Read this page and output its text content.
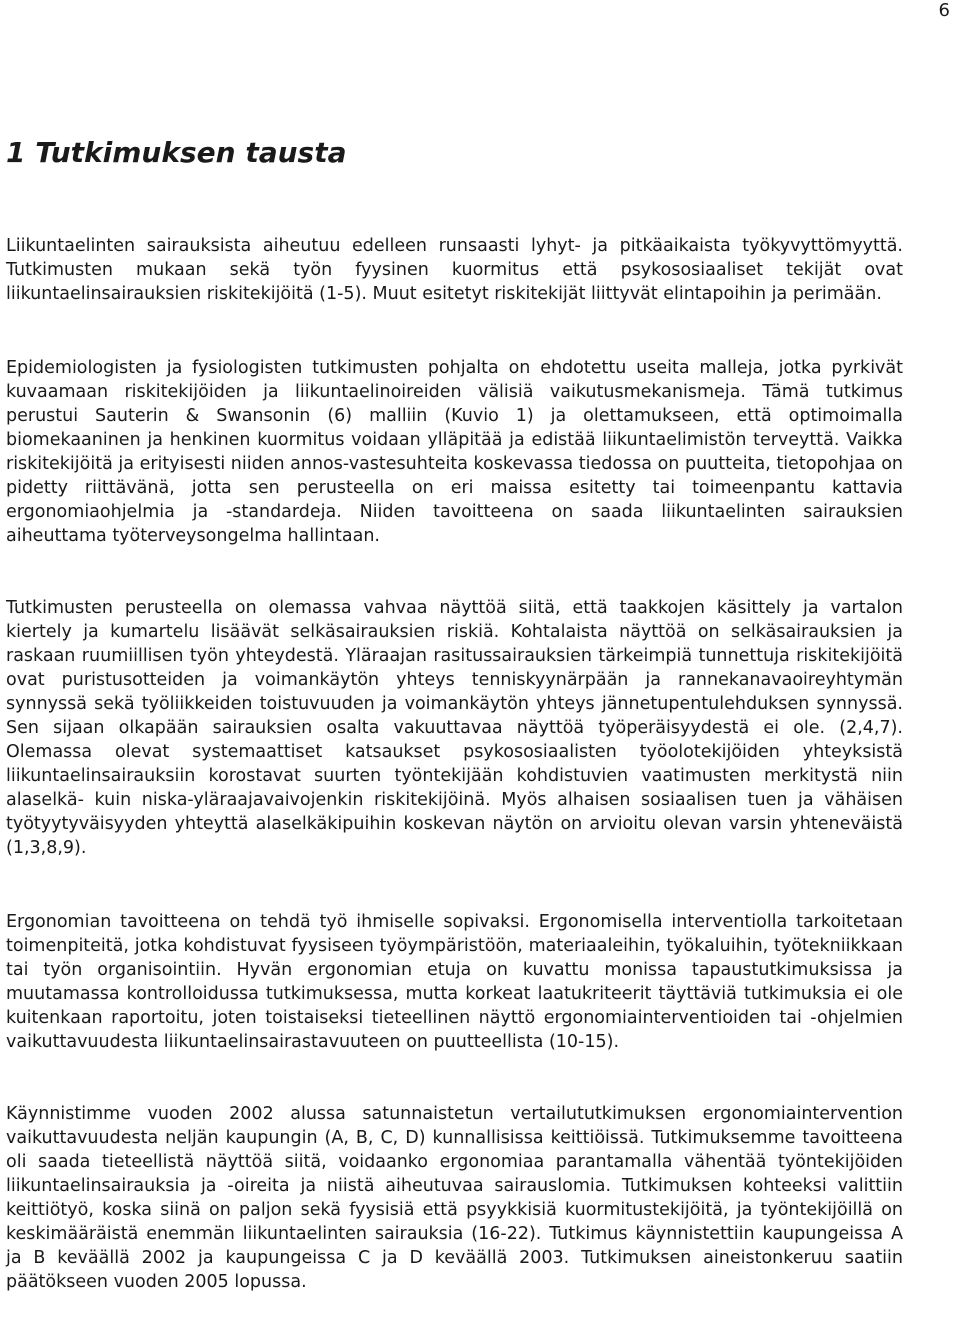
6
1 Tutkimuksen tausta

Liikuntaelinten sairauksista aiheutuu edelleen runsaasti lyhyt- ja pitkäaikaista työkyvyttömyyttä. Tutkimusten mukaan sekä työn fyysinen kuormitus että psykososiaaliset tekijät ovat liikuntaelinsairauksien riskitekijöitä (1-5). Muut esitetyt riskitekijät liittyvät elintapoihin ja perimään.

Epidemiologisten ja fysiologisten tutkimusten pohjalta on ehdotettu useita malleja, jotka pyrkivät kuvaamaan riskitekijöiden ja liikuntaelinoireiden välisiä vaikutusmekanismeja. Tämä tutkimus perustui Sauterin & Swansonin (6) malliin (Kuvio 1) ja olettamukseen, että optimoimalla biomekaaninen ja henkinen kuormitus voidaan ylläpitää ja edistää liikuntaelimistön terveyttä. Vaikka riskitekijöitä ja erityisesti niiden annos-vastesuhteita koskevassa tiedossa on puutteita, tietopohjaa on pidetty riittävänä, jotta sen perusteella on eri maissa esitetty tai toimeenpantu kattavia ergonomiaohjelmia ja -standardeja. Niiden tavoitteena on saada liikuntaelinten sairauksien aiheuttama työterveysongelma hallintaan.

Tutkimusten perusteella on olemassa vahvaa näyttöä siitä, että taakkojen käsittely ja vartalon kiertely ja kumartelu lisäävät selkäsairauksien riskiä. Kohtalaista näyttöä on selkäsairauksien ja raskaan ruumiillisen työn yhteydestä. Yläraajan rasitussairauksien tärkeimpiä tunnettuja riskitekijöitä ovat puristusotteiden ja voimankäytön yhteys tenniskyynärpään ja rannekanavaoireyhtymän synnyssä sekä työliikkeiden toistuvuuden ja voimankäytön yhteys jännetupentulehduksen synnyssä. Sen sijaan olkapään sairauksien osalta vakuuttavaa näyttöä työperäisyydestä ei ole. (2,4,7). Olemassa olevat systemaattiset katsaukset psykososiaalisten työolotekijöiden yhteyksistä liikuntaelinsairauksiin korostavat suurten työntekijään kohdistuvien vaatimusten merkitystä niin alaselkä- kuin niska-yläraajavaivojenkin riskitekijöinä. Myös alhaisen sosiaalisen tuen ja vähäisen työtyytyväisyyden yhteyttä alaselkäkipuihin koskevan näytön on arvioitu olevan varsin yhteneväistä (1,3,8,9).

Ergonomian tavoitteena on tehdä työ ihmiselle sopivaksi. Ergonomisella interventiolla tarkoitetaan toimenpiteitä, jotka kohdistuvat fyysiseen työympäristöön, materiaaleihin, työkaluihin, työtekniikkaan tai työn organisointiin. Hyvän ergonomian etuja on kuvattu monissa tapaustutkimuksissa ja muutamassa kontrolloidussa tutkimuksessa, mutta korkeat laatukriteerit täyttäviä tutkimuksia ei ole kuitenkaan raportoitu, joten toistaiseksi tieteellinen näyttö ergonomiainterventioiden tai -ohjelmien vaikuttavuudesta liikuntaelinsairastavuuteen on puutteellista (10-15).

Käynnistimme vuoden 2002 alussa satunnaistetun vertailututkimuksen ergonomiaintervention vaikuttavuudesta neljän kaupungin (A, B, C, D) kunnallisissa keittiöissä. Tutkimuksemme tavoitteena oli saada tieteellistä näyttöä siitä, voidaanko ergonomiaa parantamalla vähentää työntekijöiden liikuntaelinsairauksia ja -oireita ja niistä aiheutuvaa sairauslomia. Tutkimuksen kohteeksi valittiin keittiötyö, koska siinä on paljon sekä fyysisiä että psyykkisiä kuormitustekijöitä, ja työntekijöillä on keskimääräistä enemmän liikuntaelinten sairauksia (16-22). Tutkimus käynnistettiin kaupungeissa A ja B keväällä 2002 ja kaupungeissa C ja D keväällä 2003. Tutkimuksen aineistonkeruu saatiin päätökseen vuoden 2005 lopussa.
